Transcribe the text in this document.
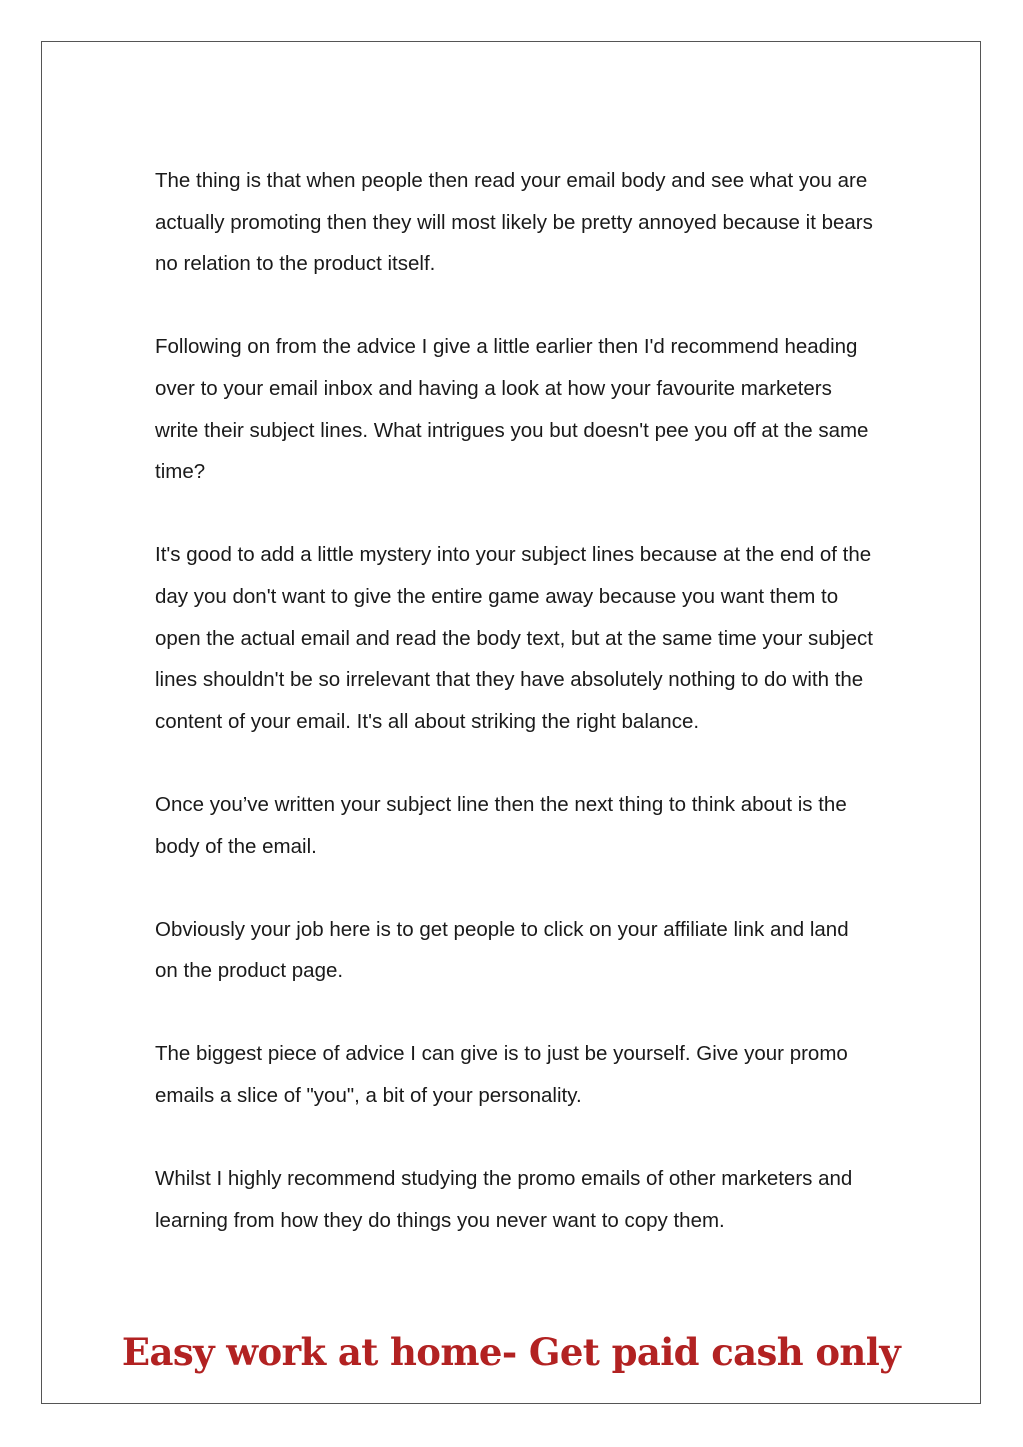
The thing is that when people then read your email body and see what you are actually promoting then they will most likely be pretty annoyed because it bears no relation to the product itself.

Following on from the advice I give a little earlier then I'd recommend heading over to your email inbox and having a look at how your favourite marketers write their subject lines. What intrigues you but doesn't pee you off at the same time?

It's good to add a little mystery into your subject lines because at the end of the day you don't want to give the entire game away because you want them to open the actual email and read the body text, but at the same time your subject lines shouldn't be so irrelevant that they have absolutely nothing to do with the content of your email. It's all about striking the right balance.

Once you’ve written your subject line then the next thing to think about is the body of the email.

Obviously your job here is to get people to click on your affiliate link and land on the product page.

The biggest piece of advice I can give is to just be yourself. Give your promo emails a slice of "you", a bit of your personality.

Whilst I highly recommend studying the promo emails of other marketers and learning from how they do things you never want to copy them.

Easy work at home- Get paid cash only
